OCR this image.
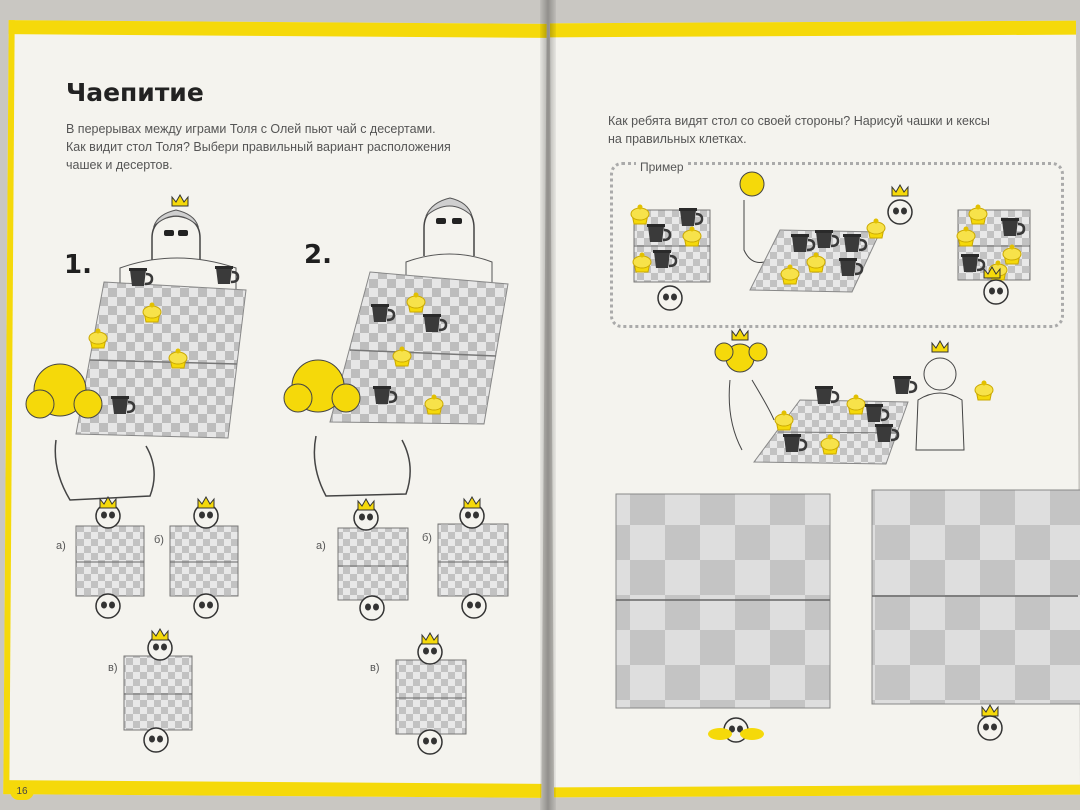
Чаепитие

В перерывах между играми Толя с Олей пьют чай с десертами.

Как видит стол Толя? Выбери правильный вариант расположения

чашек и десертов.

1.	2.
а)	б)
в)
а)
б)
в)
16

Как ребята видят стол со своей стороны? Нарисуй чашки и кексы

на правильных клетках.

Пример
